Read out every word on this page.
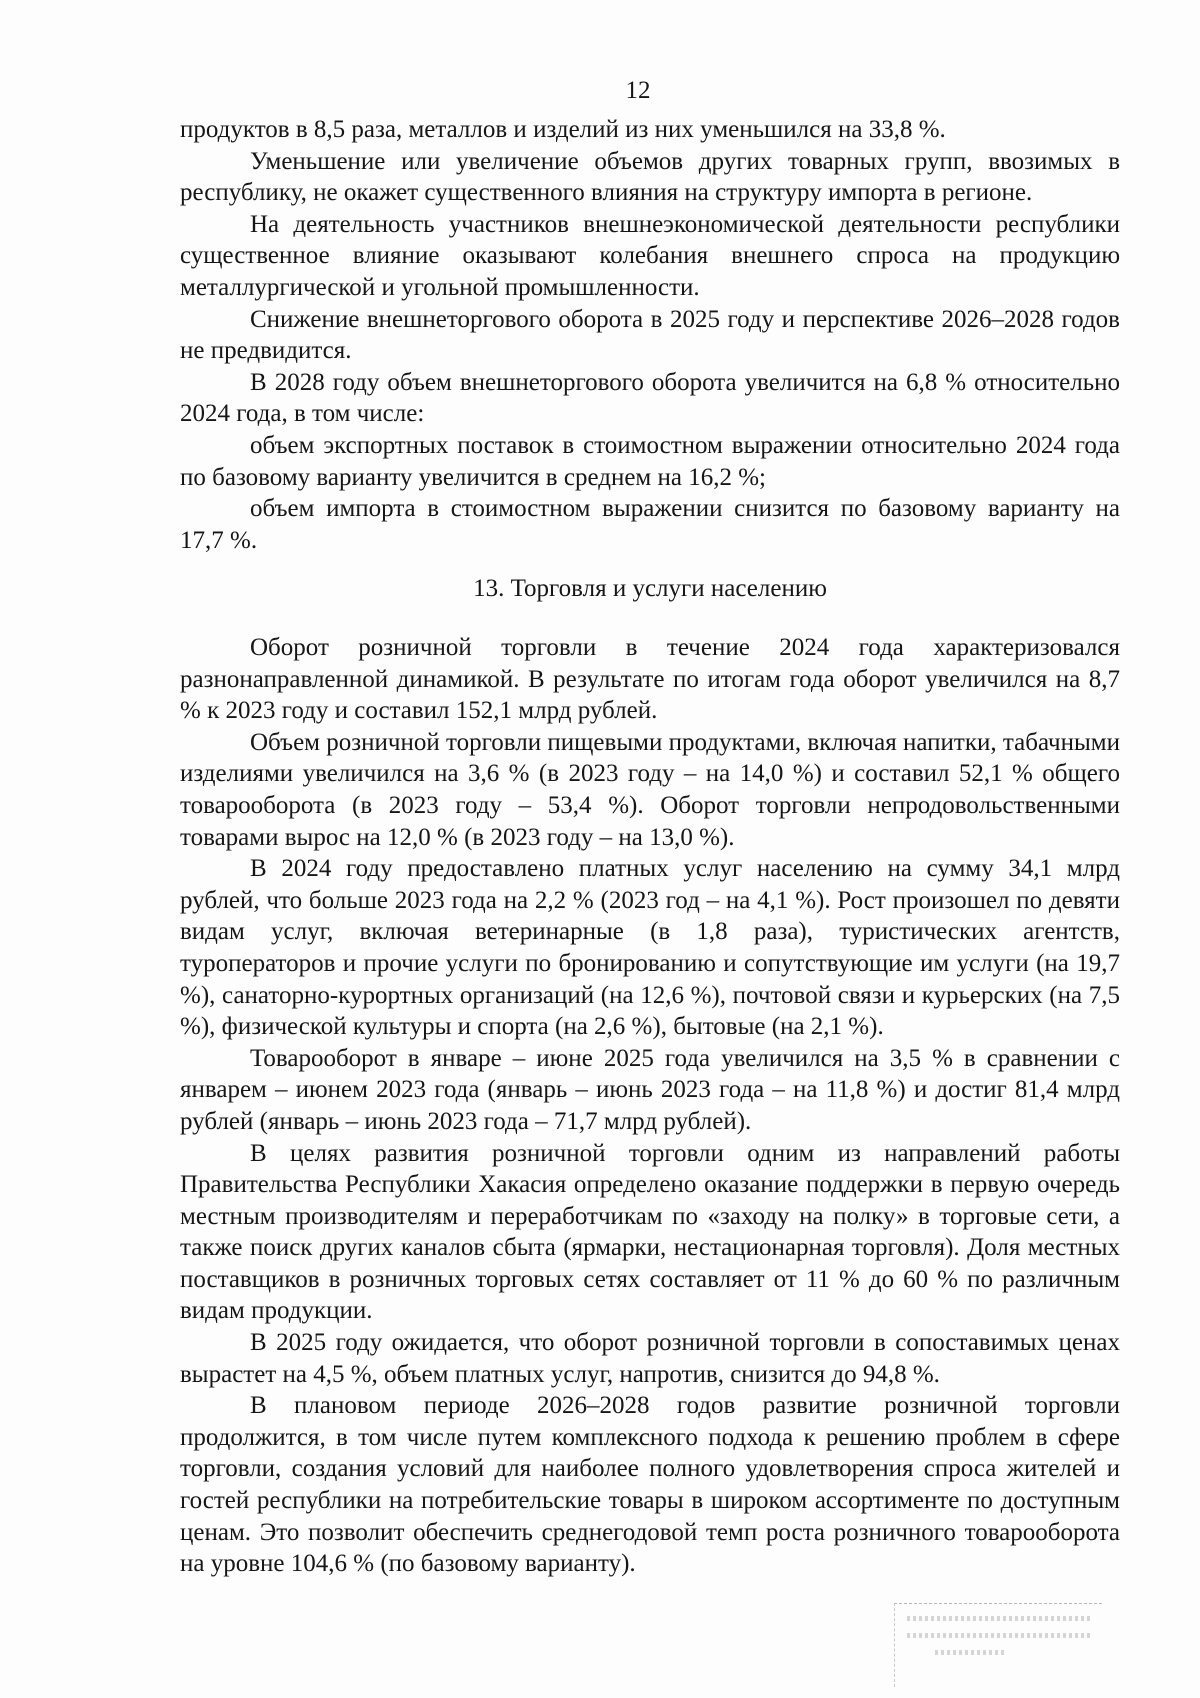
12

продуктов в 8,5 раза, металлов и изделий из них уменьшился на 33,8 %.

Уменьшение или увеличение объемов других товарных групп, ввозимых в республику, не окажет существенного влияния на структуру импорта в регионе.

На деятельность участников внешнеэкономической деятельности республики существенное влияние оказывают колебания внешнего спроса на продукцию металлургической и угольной промышленности.

Снижение внешнеторгового оборота в 2025 году и перспективе 2026–2028 годов не предвидится.

В 2028 году объем внешнеторгового оборота увеличится на 6,8 % относительно 2024 года, в том числе:

объем экспортных поставок в стоимостном выражении относительно 2024 года по базовому варианту увеличится в среднем на 16,2 %;

объем импорта в стоимостном выражении снизится по базовому варианту на 17,7 %.

13. Торговля и услуги населению

Оборот розничной торговли в течение 2024 года характеризовался разнонаправленной динамикой. В результате по итогам года оборот увеличился на 8,7 % к 2023 году и составил 152,1 млрд рублей.

Объем розничной торговли пищевыми продуктами, включая напитки, табачными изделиями увеличился на 3,6 % (в 2023 году – на 14,0 %) и составил 52,1 % общего товарооборота (в 2023 году – 53,4 %). Оборот торговли непродовольственными товарами вырос на 12,0 % (в 2023 году – на 13,0 %).

В 2024 году предоставлено платных услуг населению на сумму 34,1 млрд рублей, что больше 2023 года на 2,2 % (2023 год – на 4,1 %). Рост произошел по девяти видам услуг, включая ветеринарные (в 1,8 раза), туристических агентств, туроператоров и прочие услуги по бронированию и сопутствующие им услуги (на 19,7 %), санаторно-курортных организаций (на 12,6 %), почтовой связи и курьерских (на 7,5 %), физической культуры и спорта (на 2,6 %), бытовые (на 2,1 %).

Товарооборот в январе – июне 2025 года увеличился на 3,5 % в сравнении с январем – июнем 2023 года (январь – июнь 2023 года – на 11,8 %) и достиг 81,4 млрд рублей (январь – июнь 2023 года – 71,7 млрд рублей).

В целях развития розничной торговли одним из направлений работы Правительства Республики Хакасия определено оказание поддержки в первую очередь местным производителям и переработчикам по «заходу на полку» в торговые сети, а также поиск других каналов сбыта (ярмарки, нестационарная торговля). Доля местных поставщиков в розничных торговых сетях составляет от 11 % до 60 % по различным видам продукции.

В 2025 году ожидается, что оборот розничной торговли в сопоставимых ценах вырастет на 4,5 %, объем платных услуг, напротив, снизится до 94,8 %.

В плановом периоде 2026–2028 годов развитие розничной торговли продолжится, в том числе путем комплексного подхода к решению проблем в сфере торговли, создания условий для наиболее полного удовлетворения спроса жителей и гостей республики на потребительские товары в широком ассортименте по доступным ценам. Это позволит обеспечить среднегодовой темп роста розничного товарооборота на уровне 104,6 % (по базовому варианту).
